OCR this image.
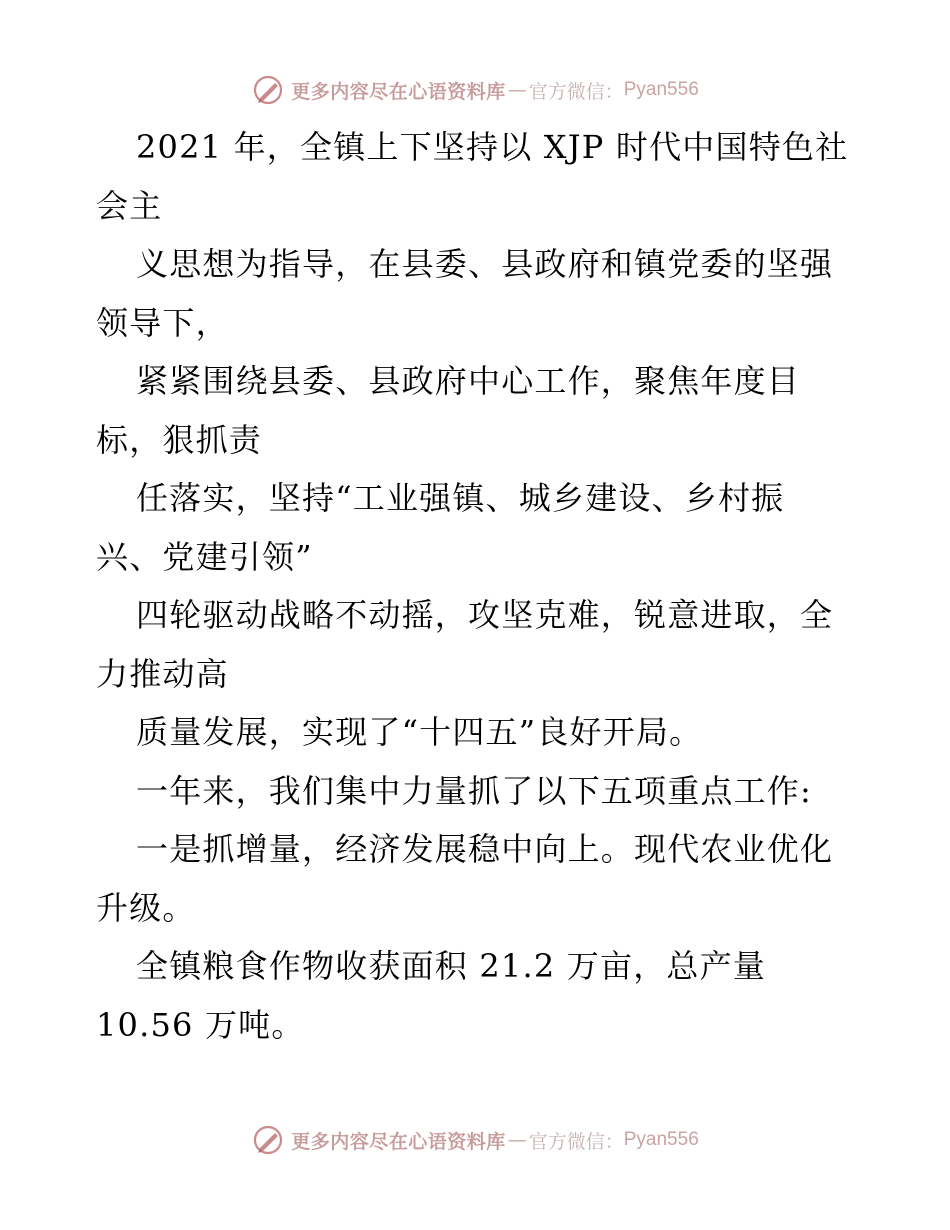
更多内容尽在心语资料库 — 官方微信： Pyan556
2021 年，全镇上下坚持以 XJP 时代中国特色社
会主
义思想为指导，在县委、县政府和镇党委的坚强
领导下，
紧紧围绕县委、县政府中心工作，聚焦年度目
标，狠抓责
任落实，坚持“工业强镇、城乡建设、乡村振
兴、党建引领”
四轮驱动战略不动摇，攻坚克难，锐意进取，全
力推动高
质量发展，实现了“十四五”良好开局。
一年来，我们集中力量抓了以下五项重点工作:
一是抓增量，经济发展稳中向上。现代农业优化
升级。
全镇粮食作物收获面积 21.2 万亩，总产量
10.56 万吨。
更多内容尽在心语资料库 — 官方微信： Pyan556
